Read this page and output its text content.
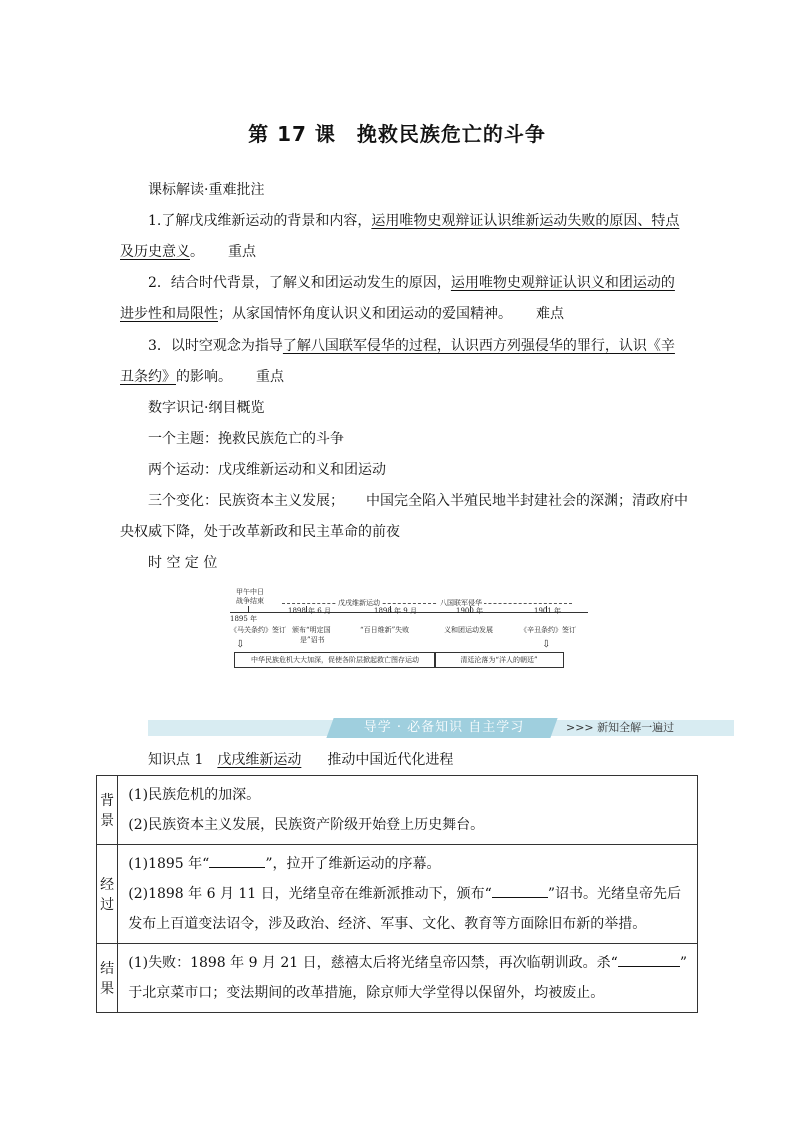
第 17 课　挽救民族危亡的斗争
课标解读·重难批注
1.了解戊戌维新运动的背景和内容，运用唯物史观辩证认识维新运动失败的原因、特点
及历史意义。 重点
2．结合时代背景，了解义和团运动发生的原因，运用唯物史观辩证认识义和团运动的
进步性和局限性；从家国情怀角度认识义和团运动的爱国精神。 难点
3．以时空观念为指导了解八国联军侵华的过程，认识西方列强侵华的罪行，认识《辛
丑条约》的影响。 重点
数字识记·纲目概览
一个主题：挽救民族危亡的斗争
两个运动：戊戌维新运动和义和团运动
三个变化：民族资本主义发展； 中国完全陷入半殖民地半封建社会的深渊；清政府中
央权威下降，处于改革新政和民主革命的前夜
时 空 定 位
甲午中日
战争结束	戊戌维新运动	八国联军侵华
1895 年
1898 年 6 月	1898 年 9 月	1900 年	1901 年
《马关条约》签订 颁布“明定国
是”诏书
“百日维新”失败	义和团运动发展	《辛丑条约》签订
⇩	⇩
中华民族危机大大加深，促使各阶层掀起救亡图存运动	清廷沦落为“洋人的朝廷”
导学 · 必备知识 自主学习	>>> 新知全解一遍过
知识点 1 戊戌维新运动 推动中国近代化进程
背景	(1)民族危机的加深。
(2)民族资本主义发展，民族资产阶级开始登上历史舞台。

经过	(1)1895 年“ ”，拉开了维新运动的序幕。
(2)1898 年 6 月 11 日，光绪皇帝在维新派推动下，颁布“ ”诏书。光绪皇帝先后
发布上百道变法诏令，涉及政治、经济、军事、文化、教育等方面除旧布新的举措。

结果	(1)失败：1898 年 9 月 21 日，慈禧太后将光绪皇帝囚禁，再次临朝训政。杀“ ”
于北京菜市口；变法期间的改革措施，除京师大学堂得以保留外，均被废止。
